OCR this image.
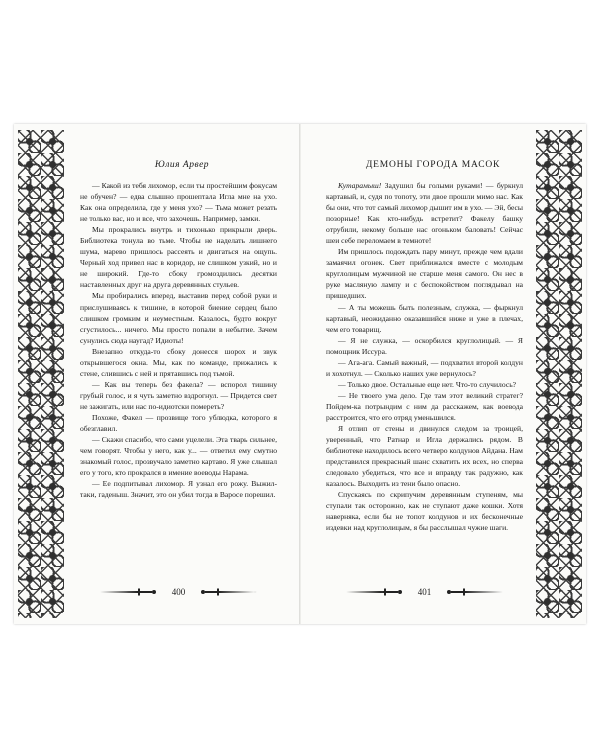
Юлия Арвер

— Какой из тебя лихомор, если ты простейшим фокусам не обучен? — едва слышно прошептала Игла мне на ухо. Как она определила, где у меня ухо? — Тьма может резать не только вас, но и все, что захочешь. Например, замки.

Мы прокрались внутрь и тихонько прикрыли дверь. Библиотека тонула во тьме. Чтобы не наделать лишнего шума, марево пришлось рассеять и двигаться на ощупь. Черный ход привел нас в коридор, не слишком узкий, но и не широкий. Где-то сбоку громоздились десятки наставленных друг на друга деревянных стульев.

Мы пробирались вперед, выставив перед собой руки и прислушиваясь к тишине, в которой биение сердец было слишком громким и неуместным. Казалось, будто вокруг сгустилось... ничего. Мы просто попали в небытие. Зачем сунулись сюда наугад? Идиоты!

Внезапно откуда-то сбоку донесся шорох и звук открывшегося окна. Мы, как по команде, прижались к стене, слившись с ней и прятавшись под тьмой.

— Как вы теперь без факела? — вспорол тишину грубый голос, и я чуть заметно вздрогнул. — Придется свет не зажигать, или нас по-идиотски помереть?

Похоже, Факел — прозвище того ублюдка, которого я обезглавил.

— Скажи спасибо, что сами уцелели. Эта тварь сильнее, чем говорят. Чтобы у него, как у... — ответил ему смутно знакомый голос, прозвучало заметно картаво. Я уже слышал его у того, кто прокрался в имение воеводы Нарама.

— Ее подпитывал лихомор. Я узнал его рожу. Выжил-таки, гаденыш. Значит, это он убил тогда в Варосе порешил.

400
ДЕМОНЫ ГОРОДА МАСОК

Кутарамыш! Задушил бы голыми руками! — буркнул картавый, и, судя по топоту, эти двое прошли мимо нас. Как бы они, что тот самый лихомор дышит им в ухо. — Эй, бесы позорные! Как кто-нибудь встретит? Факелу башку отрубили, некому больше нас огоньком баловать! Сейчас шеи себе переломаем в темноте!

Им пришлось подождать пару минут, прежде чем вдали замаячил огонек. Свет приближался вместе с молодым круглолицым мужчиной не старше меня самого. Он нес в руке масляную лампу и с беспокойством поглядывал на пришедших.

— А ты можешь быть полезным, служка, — фыркнул картавый, неожиданно оказавшийся ниже и уже в плечах, чем его товарищ.

— Я не служка, — оскорбился круглолицый. — Я помощник Иссура.

— Ага-ага. Самый важный, — подхватил второй колдун и хохотнул. — Сколько наших уже вернулось?

— Только двое. Остальные еще нет. Что-то случилось?

— Не твоего ума дело. Где там этот великий стратег? Пойдем-ка потрындим с ним да расскажем, как воевода расстроится, что его отряд уменьшился.

Я отлип от стены и двинулся следом за троицей, уверенный, что Ратнар и Игла держались рядом. В библиотеке находилось всего четверо колдунов Айдана. Нам представился прекрасный шанс схватить их всех, но сперва следовало убедиться, что все и вправду так радужно, как казалось. Выходить из тени было опасно.

Спускаясь по скрипучим деревянным ступеням, мы ступали так осторожно, как не ступают даже кошки. Хотя наверняка, если бы не топот колдунов и их бесконечные издевки над круглолицым, я бы расслышал чужие шаги.

401
